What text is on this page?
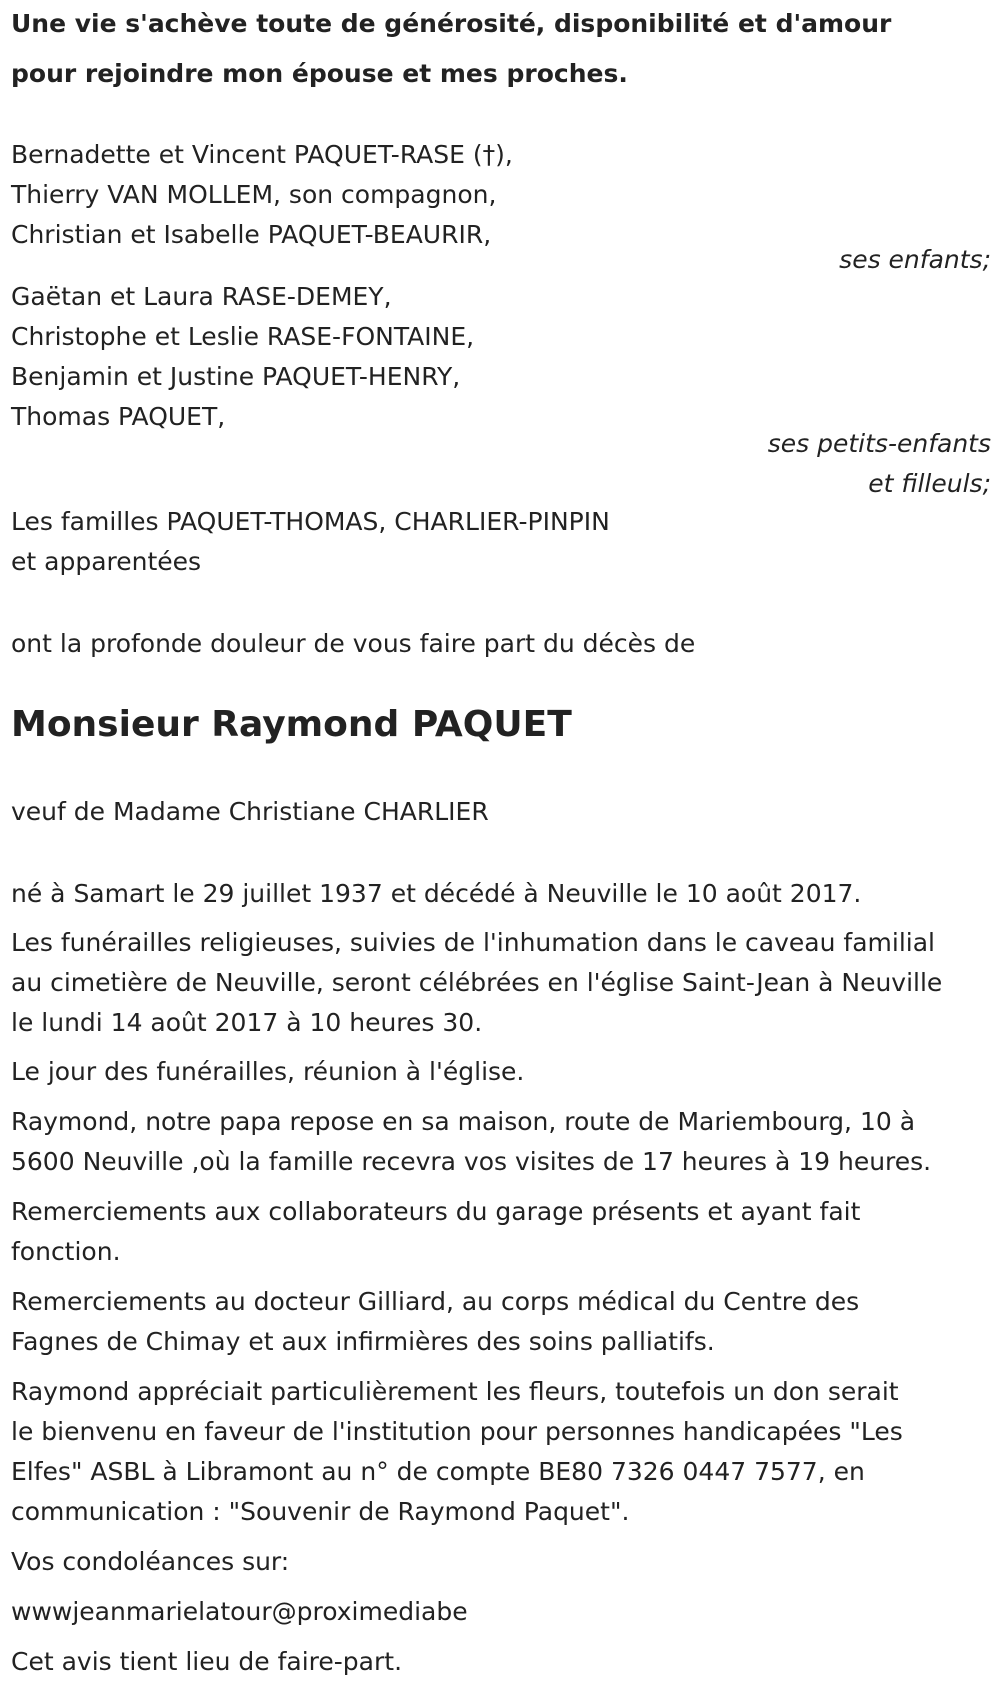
Une vie s'achève toute de générosité, disponibilité et d'amour
pour rejoindre mon épouse et mes proches.
Bernadette et Vincent PAQUET-RASE (†),
Thierry VAN MOLLEM, son compagnon,
Christian et Isabelle PAQUET-BEAURIR,
ses enfants;
Gaëtan et Laura RASE-DEMEY,
Christophe et Leslie RASE-FONTAINE,
Benjamin et Justine PAQUET-HENRY,
Thomas PAQUET,
ses petits-enfants
et filleuls;
Les familles PAQUET-THOMAS, CHARLIER-PINPIN
et apparentées
ont la profonde douleur de vous faire part du décès de
Monsieur Raymond PAQUET
veuf de Madame Christiane CHARLIER
né à Samart le 29 juillet 1937 et décédé à Neuville le 10 août 2017.
Les funérailles religieuses, suivies de l'inhumation dans le caveau familial
au cimetière de Neuville, seront célébrées en l'église Saint-Jean à Neuville
le lundi 14 août 2017 à 10 heures 30.
Le jour des funérailles, réunion à l'église.
Raymond, notre papa repose en sa maison, route de Mariembourg, 10 à
5600 Neuville ,où la famille recevra vos visites de 17 heures à 19 heures.
Remerciements aux collaborateurs du garage présents et ayant fait
fonction.
Remerciements au docteur Gilliard, au corps médical du Centre des
Fagnes de Chimay et aux infirmières des soins palliatifs.
Raymond appréciait particulièrement les fleurs, toutefois un don serait
le bienvenu en faveur de l'institution pour personnes handicapées "Les
Elfes" ASBL à Libramont au n° de compte BE80 7326 0447 7577, en
communication : "Souvenir de Raymond Paquet".
Vos condoléances sur:
wwwjeanmarielatour@proximediabe
Cet avis tient lieu de faire-part.
